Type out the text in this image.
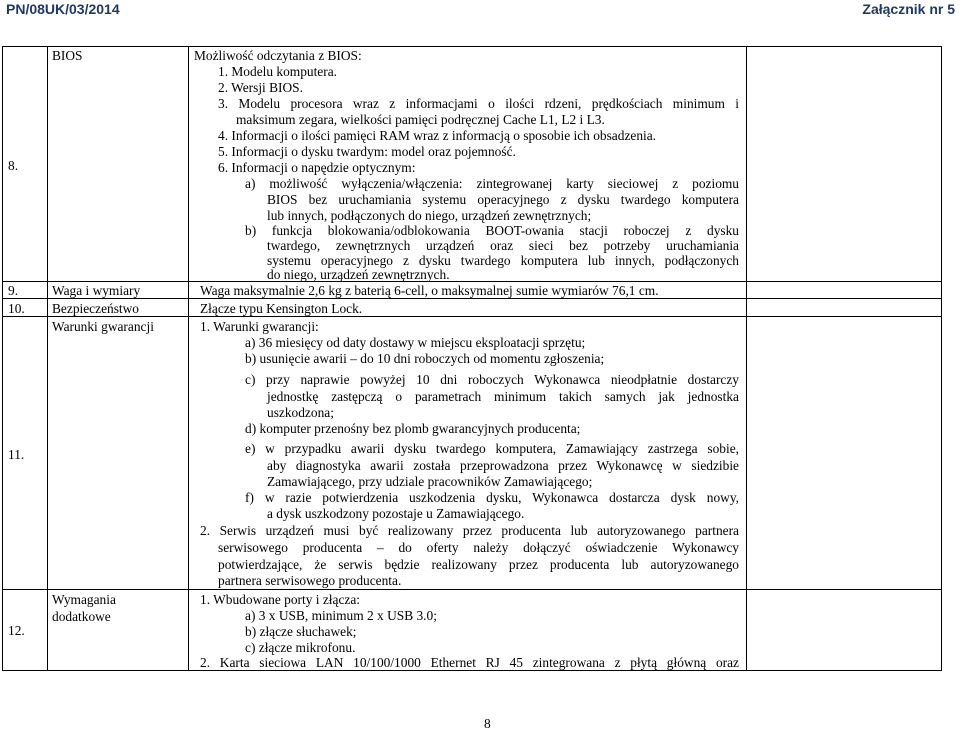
PN/08UK/03/2014	Załącznik nr 5
8.
BIOS	Możliwość odczytania z BIOS:
1. Modelu komputera.
2. Wersji BIOS.
3. Modelu procesora wraz z informacjami o ilości rdzeni, prędkościach minimum i
maksimum zegara, wielkości pamięci podręcznej Cache L1, L2 i L3.
4. Informacji o ilości pamięci RAM wraz z informacją o sposobie ich obsadzenia.
5. Informacji o dysku twardym: model oraz pojemność.
6. Informacji o napędzie optycznym:
a) możliwość wyłączenia/włączenia: zintegrowanej karty sieciowej z poziomu
BIOS bez uruchamiania systemu operacyjnego z dysku twardego komputera
lub innych, podłączonych do niego, urządzeń zewnętrznych;
b) funkcja blokowania/odblokowania BOOT-owania stacji roboczej z dysku
twardego, zewnętrznych urządzeń oraz sieci bez potrzeby uruchamiania
systemu operacyjnego z dysku twardego komputera lub innych, podłączonych
do niego, urządzeń zewnętrznych.
9.	Waga i wymiary	Waga maksymalnie 2,6 kg z baterią 6-cell, o maksymalnej sumie wymiarów 76,1 cm.
10. Bezpieczeństwo	Złącze typu Kensington Lock.
11.
Warunki gwarancji	1. Warunki gwarancji:
a) 36 miesięcy od daty dostawy w miejscu eksploatacji sprzętu;
b) usunięcie awarii – do 10 dni roboczych od momentu zgłoszenia;
c) przy naprawie powyżej 10 dni roboczych Wykonawca nieodpłatnie dostarczy
jednostkę zastępczą o parametrach minimum takich samych jak jednostka
uszkodzona;
d) komputer przenośny bez plomb gwarancyjnych producenta;
e) w przypadku awarii dysku twardego komputera, Zamawiający zastrzega sobie,
aby diagnostyka awarii została przeprowadzona przez Wykonawcę w siedzibie
Zamawiającego, przy udziale pracowników Zamawiającego;
f) w razie potwierdzenia uszkodzenia dysku, Wykonawca dostarcza dysk nowy,
a dysk uszkodzony pozostaje u Zamawiającego.
2. Serwis urządzeń musi być realizowany przez producenta lub autoryzowanego partnera
serwisowego producenta – do oferty należy dołączyć oświadczenie Wykonawcy
potwierdzające, że serwis będzie realizowany przez producenta lub autoryzowanego
partnera serwisowego producenta.
12.
Wymagania
dodatkowe
1. Wbudowane porty i złącza:
a) 3 x USB, minimum 2 x USB 3.0;
b) złącze słuchawek;
c) złącze mikrofonu.
2. Karta sieciowa LAN 10/100/1000 Ethernet RJ 45 zintegrowana z płytą główną oraz
8
